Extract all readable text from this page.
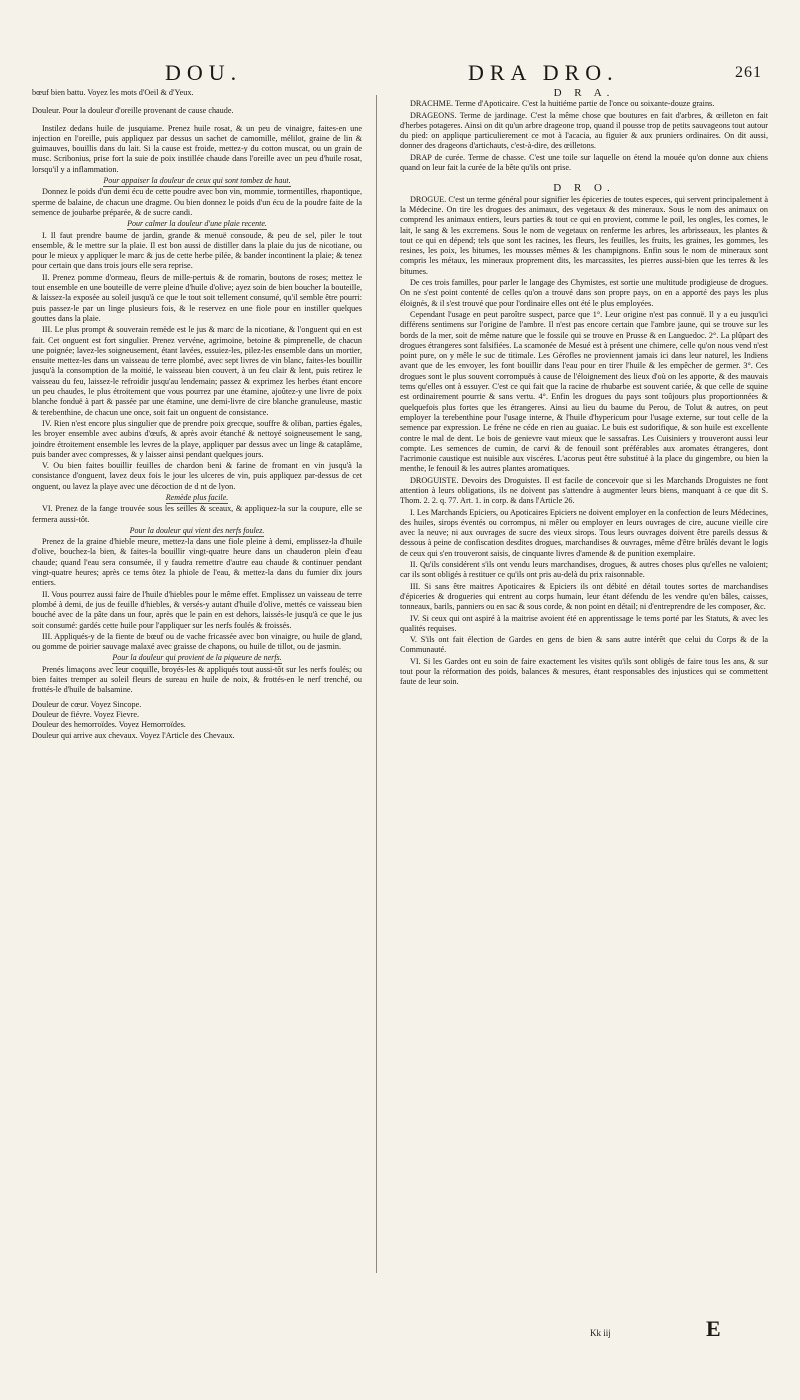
DOU.	DRA DRO.	261

bœuf bien battu. Voyez les mots d'Oeil & d'Yeux.

Douleur. Pour la douleur d'oreille provenant de cause chaude.

Instilez dedans huile de jusquiame. Prenez huile rosat, & un peu de vinaigre, faites-en une injection en l'oreille, puis appliquez par dessus un sachet de camomille, mélilot, graine de lin & guimauves, bouillis dans du lait. Si la cause est froide, mettez-y du cotton muscat, ou un grain de musc. Scribonius, prise fort la suie de poix instillée chaude dans l'oreille avec un peu d'huile rosat, lorsqu'il y a inflammation.

Pour appaiser la douleur de ceux qui sont tombez de haut.

Donnez le poids d'un demi écu de cette poudre avec bon vin, mommie, tormentilles, rhapontique, sperme de balaine, de chacun une dragme. Ou bien donnez le poids d'un écu de la poudre faite de la semence de joubarbe préparée, & de sucre candi.

Pour calmer la douleur d'une plaie recente.

I. Il faut prendre baume de jardin, grande & menuë consoude, & peu de sel, piler le tout ensemble, & le mettre sur la plaie. Il est bon aussi de distiller dans la plaie du jus de nicotiane, ou pour le mieux y appliquer le marc & jus de cette herbe pilée, & bander incontinent la plaie; & tenez pour certain que dans trois jours elle sera reprise.

II. Prenez pomme d'ormeau, fleurs de mille-pertuis & de romarin, boutons de roses; mettez le tout ensemble en une bouteille de verre pleine d'huile d'olive; ayez soin de bien boucher la bouteille, & laissez-la exposée au soleil jusqu'à ce que le tout soit tellement consumé, qu'il semble être pourri: puis passez-le par un linge plusieurs fois, & le reservez en une fiole pour en instiller quelques gouttes dans la plaie.

III. Le plus prompt & souverain remède est le jus & marc de la nicotiane, & l'onguent qui en est fait. Cet onguent est fort singulier. Prenez vervéne, agrimoine, betoine & pimprenelle, de chacun une poignée; lavez-les soigneusement, étant lavées, essuiez-les, pilez-les ensemble dans un mortier, ensuite mettez-les dans un vaisseau de terre plombé, avec sept livres de vin blanc, faites-les bouillir jusqu'à la consomption de la moitié, le vaisseau bien couvert, à un feu clair & lent, puis retirez le vaisseau du feu, laissez-le refroidir jusqu'au lendemain; passez & exprimez les herbes étant encore un peu chaudes, le plus étroitement que vous pourrez par une étamine, ajoûtez-y une livre de poix blanche fonduë à part & passée par une étamine, une demi-livre de cire blanche granuleuse, mastic & terebenthine, de chacun une once, soit fait un onguent de consistance.

IV. Rien n'est encore plus singulier que de prendre poix grecque, souffre & oliban, parties égales, les broyer ensemble avec aubins d'œufs, & après avoir étanché & nettoyé soigneusement le sang, joindre étroitement ensemble les levres de la playe, appliquer par dessus avec un linge & cataplâme, puis bander avec compresses, & y laisser ainsi pendant quelques jours.

V. Ou bien faites bouillir feuilles de chardon beni & farine de fromant en vin jusqu'à la consistance d'onguent, lavez deux fois le jour les ulceres de vin, puis appliquez par-dessus de cet onguent, ou lavez la playe avec une décoction de d nt de lyon.

Remède plus facile.

VI. Prenez de la fange trouvée sous les seilles & sceaux, & appliquez-la sur la coupure, elle se fermera aussi-tôt.

Pour la douleur qui vient des nerfs foulez.

Prenez de la graine d'hieble meure, mettez-la dans une fiole pleine à demi, emplissez-la d'huile d'olive, bouchez-la bien, & faites-la bouillir vingt-quatre heure dans un chauderon plein d'eau chaude; quand l'eau sera consumée, il y faudra remettre d'autre eau chaude & continuer pendant vingt-quatre heures; après ce tems ôtez la phiole de l'eau, & mettez-la dans du fumier dix jours entiers.

II. Vous pourrez aussi faire de l'huile d'hiebles pour le même effet. Emplissez un vaisseau de terre plombé à demi, de jus de feuille d'hiebles, & versés-y autant d'huile d'olive, mettés ce vaisseau bien bouché avec de la pâte dans un four, après que le pain en est dehors, laissés-le jusqu'à ce que le jus soit consumé: gardés cette huile pour l'appliquer sur les nerfs foulés & froissés.

III. Appliqués-y de la fiente de bœuf ou de vache fricassée avec bon vinaigre, ou huile de gland, ou gomme de poirier sauvage malaxé avec graisse de chapons, ou huile de tillot, ou de jasmin.

Pour la douleur qui provient de la piqueure de nerfs.

Prenés limaçons avec leur coquille, broyés-les & appliqués tout aussi-tôt sur les nerfs foulés; ou bien faites tremper au soleil fleurs de sureau en huile de noix, & frottés-en le nerf trenché, ou frottés-le d'huile de balsamine.

Douleur de cœur. Voyez Sincope.
Douleur de fiévre. Voyez Fievre.
Douleur des hemorroïdes. Voyez Hemorroïdes.
Douleur qui arrive aux chevaux. Voyez l'Article des Chevaux.

D R A.

DRACHME. Terme d'Apoticaire. C'est la huitiéme partie de l'once ou soixante-douze grains.

DRAGEONS. Terme de jardinage. C'est la même chose que boutures en fait d'arbres, & œilleton en fait d'herbes potageres. Ainsi on dit qu'un arbre drageone trop, quand il pousse trop de petits sauvageons tout autour du pied: on applique particulierement ce mot à l'acacia, au figuier & aux pruniers ordinaires. On dit aussi, donner des drageons d'artichauts, c'est-à-dire, des œilletons.

DRAP de curée. Terme de chasse. C'est une toile sur laquelle on étend la mouée qu'on donne aux chiens quand on leur fait la curée de la bête qu'ils ont prise.

D R O.

DROGUE. C'est un terme général pour signifier les épiceries de toutes especes, qui servent principalement à la Médecine. On tire les drogues des animaux, des vegetaux & des mineraux. Sous le nom des animaux on comprend les animaux entiers, leurs parties & tout ce qui en provient, comme le poil, les ongles, les cornes, le lait, le sang & les excremens. Sous le nom de vegetaux on renferme les arbres, les arbrisseaux, les plantes & tout ce qui en dépend; tels que sont les racines, les fleurs, les feuilles, les fruits, les graines, les gommes, les resines, les poix, les bitumes, les mousses mêmes & les champignons. Enfin sous le nom de mineraux sont compris les métaux, les mineraux proprement dits, les marcassites, les pierres aussi-bien que les terres & les bitumes.

De ces trois familles, pour parler le langage des Chymistes, est sortie une multitude prodigieuse de drogues. On ne s'est point contenté de celles qu'on a trouvé dans son propre pays, on en a apporté des pays les plus éloignés, & il s'est trouvé que pour l'ordinaire elles ont été le plus employées.

Cependant l'usage en peut paroître suspect, parce que 1°. Leur origine n'est pas connuë. Il y a eu jusqu'ici différens sentimens sur l'origine de l'ambre. Il n'est pas encore certain que l'ambre jaune, qui se trouve sur les bords de la mer, soit de même nature que le fossile qui se trouve en Prusse & en Languedoc. 2°. La plûpart des drogues étrangeres sont falsifiées. La scamonée de Mesué est à présent une chimere, celle qu'on nous vend n'est point pure, on y mêle le suc de titimale. Les Gérofles ne proviennent jamais ici dans leur naturel, les Indiens avant que de les envoyer, les font bouillir dans l'eau pour en tirer l'huile & les empêcher de germer. 3°. Ces drogues sont le plus souvent corrompuës à cause de l'éloignement des lieux d'où on les apporte, & des mauvais tems qu'elles ont à essuyer. C'est ce qui fait que la racine de rhubarbe est souvent cariée, & que celle de squine est ordinairement pourrie & sans vertu. 4°. Enfin les drogues du pays sont toûjours plus proportionnées & quelquefois plus fortes que les étrangeres. Ainsi au lieu du baume du Perou, de Tolut & autres, on peut employer la terebenthine pour l'usage interne, & l'huile d'hypericum pour l'usage externe, sur tout celle de la semence par expression. Le fréne ne céde en rien au guaiac. Le buis est sudorifique, & son huile est excellente contre le mal de dent. Le bois de genievre vaut mieux que le sassafras. Les Cuisiniers y trouveront aussi leur compte. Les semences de cumin, de carvi & de fenouil sont préférables aux aromates étrangeres, dont l'acrimonie caustique est nuisible aux viscéres. L'acorus peut être substitué à la place du gingembre, ou bien la menthe, le fenouil & les autres plantes aromatiques.

DROGUISTE. Devoirs des Droguistes. Il est facile de concevoir que si les Marchands Droguistes ne font attention à leurs obligations, ils ne doivent pas s'attendre à augmenter leurs biens, manquant à ce que dit S. Thom. 2. 2. q. 77. Art. 1. in corp. & dans l'Article 26.

I. Les Marchands Epiciers, ou Apoticaires Epiciers ne doivent employer en la confection de leurs Médecines, des huiles, sirops éventés ou corrompus, ni mêler ou employer en leurs ouvrages de cire, aucune vieille cire avec la neuve; ni aux ouvrages de sucre des vieux sirops. Tous leurs ouvrages doivent être pareils dessus & dessous à peine de confiscation desdites drogues, marchandises & ouvrages, même d'être brûlés devant le logis de ceux qui s'en trouveront saisis, de cinquante livres d'amende & de punition exemplaire.

II. Qu'ils considérent s'ils ont vendu leurs marchandises, drogues, & autres choses plus qu'elles ne valoient; car ils sont obligés à restituer ce qu'ils ont pris au-delà du prix raisonnable.

III. Si sans être maitres Apoticaires & Epiciers ils ont débité en détail toutes sortes de marchandises d'épiceries & drogueries qui entrent au corps humain, leur étant défendu de les vendre qu'en bâles, caisses, tonneaux, barils, panniers ou en sac & sous corde, & non point en détail; ni d'entreprendre de les composer, &c.

IV. Si ceux qui ont aspiré à la maitrise avoient été en apprentissage le tems porté par les Statuts, & avec les qualités requises.

V. S'ils ont fait élection de Gardes en gens de bien & sans autre intérêt que celui du Corps & de la Communauté.

VI. Si les Gardes ont eu soin de faire exactement les visites qu'ils sont obligés de faire tous les ans, & sur tout pour la réformation des poids, balances & mesures, étant responsables des injustices qui se commettent faute de leur soin.

Kk iij	E
